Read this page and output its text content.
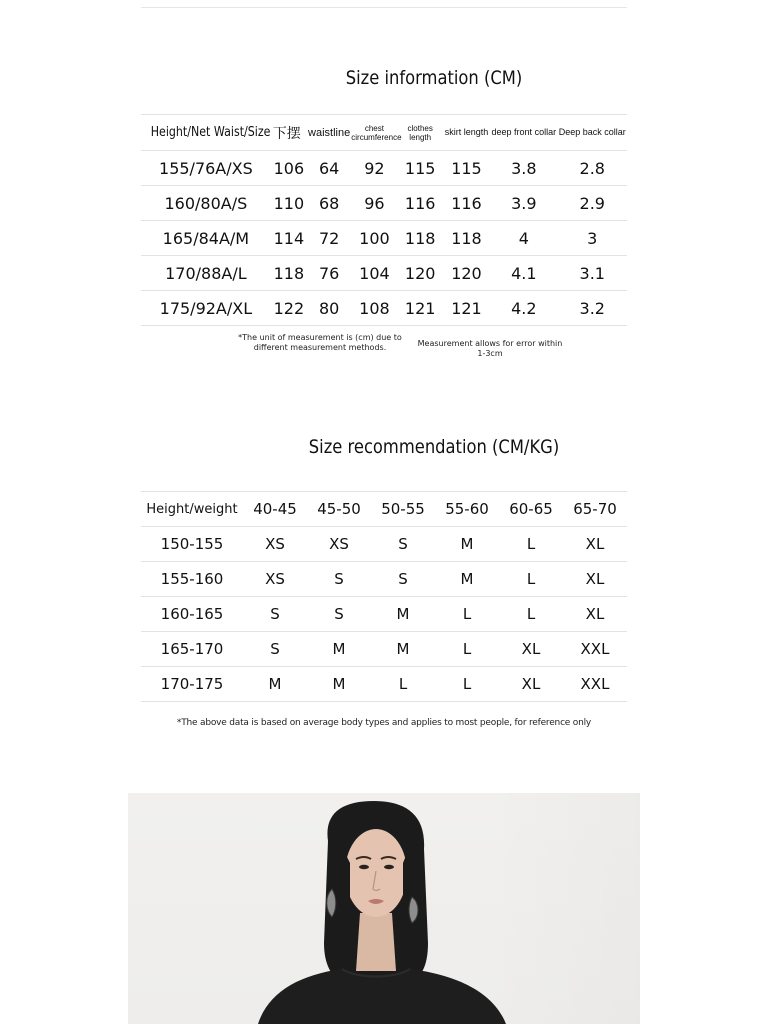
Size information (CM)
Height/Net Waist/Size	下摆	waistline	chest circumference	clothes length	skirt length	deep front collar	Deep back collar
155/76A/XS	106	64	92	115	115	3.8	2.8
160/80A/S	110	68	96	116	116	3.9	2.9
165/84A/M	114	72	100	118	118	4	3
170/88A/L	118	76	104	120	120	4.1	3.1
175/92A/XL	122	80	108	121	121	4.2	3.2
*The unit of measurement is (cm) due to different measurement methods.	Measurement allows for error within 1-3cm
Size recommendation (CM/KG)
Height/weight	40-45	45-50	50-55	55-60	60-65	65-70
150-155	XS	XS	S	M	L	XL
155-160	XS	S	S	M	L	XL
160-165	S	S	M	L	L	XL
165-170	S	M	M	L	XL	XXL
170-175	M	M	L	L	XL	XXL
*The above data is based on average body types and applies to most people, for reference only
